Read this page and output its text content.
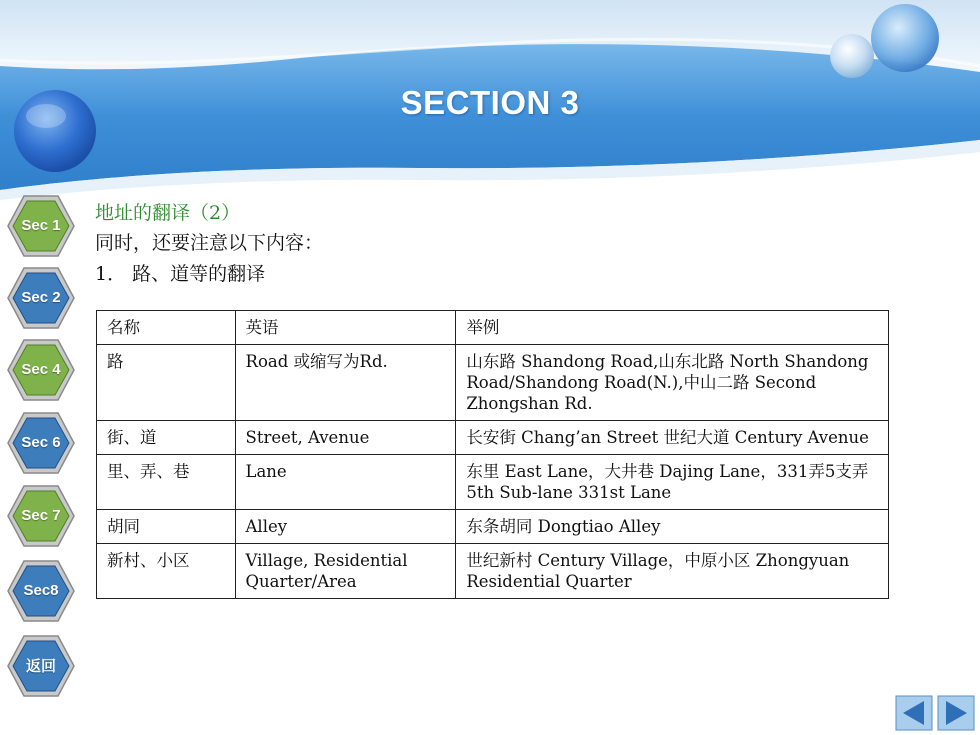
SECTION 3
Sec 1
Sec 2
Sec 4
Sec 6
Sec 7
Sec8
返回
地址的翻译（2）
同时，还要注意以下内容：
1． 路、道等的翻译
名称	英语	举例
路	Road 或缩写为Rd.	山东路 Shandong Road,山东北路 North Shandong Road/Shandong Road(N.),中山二路 Second Zhongshan Rd.
街、道	Street, Avenue	长安街 Chang’an Street 世纪大道 Century Avenue
里、弄、巷	Lane	东里 East Lane，大井巷 Dajing Lane，331弄5支弄 5th Sub-lane 331st Lane
胡同	Alley	东条胡同 Dongtiao Alley
新村、小区	Village, Residential Quarter/Area	世纪新村 Century Village，中原小区 Zhongyuan Residential Quarter
